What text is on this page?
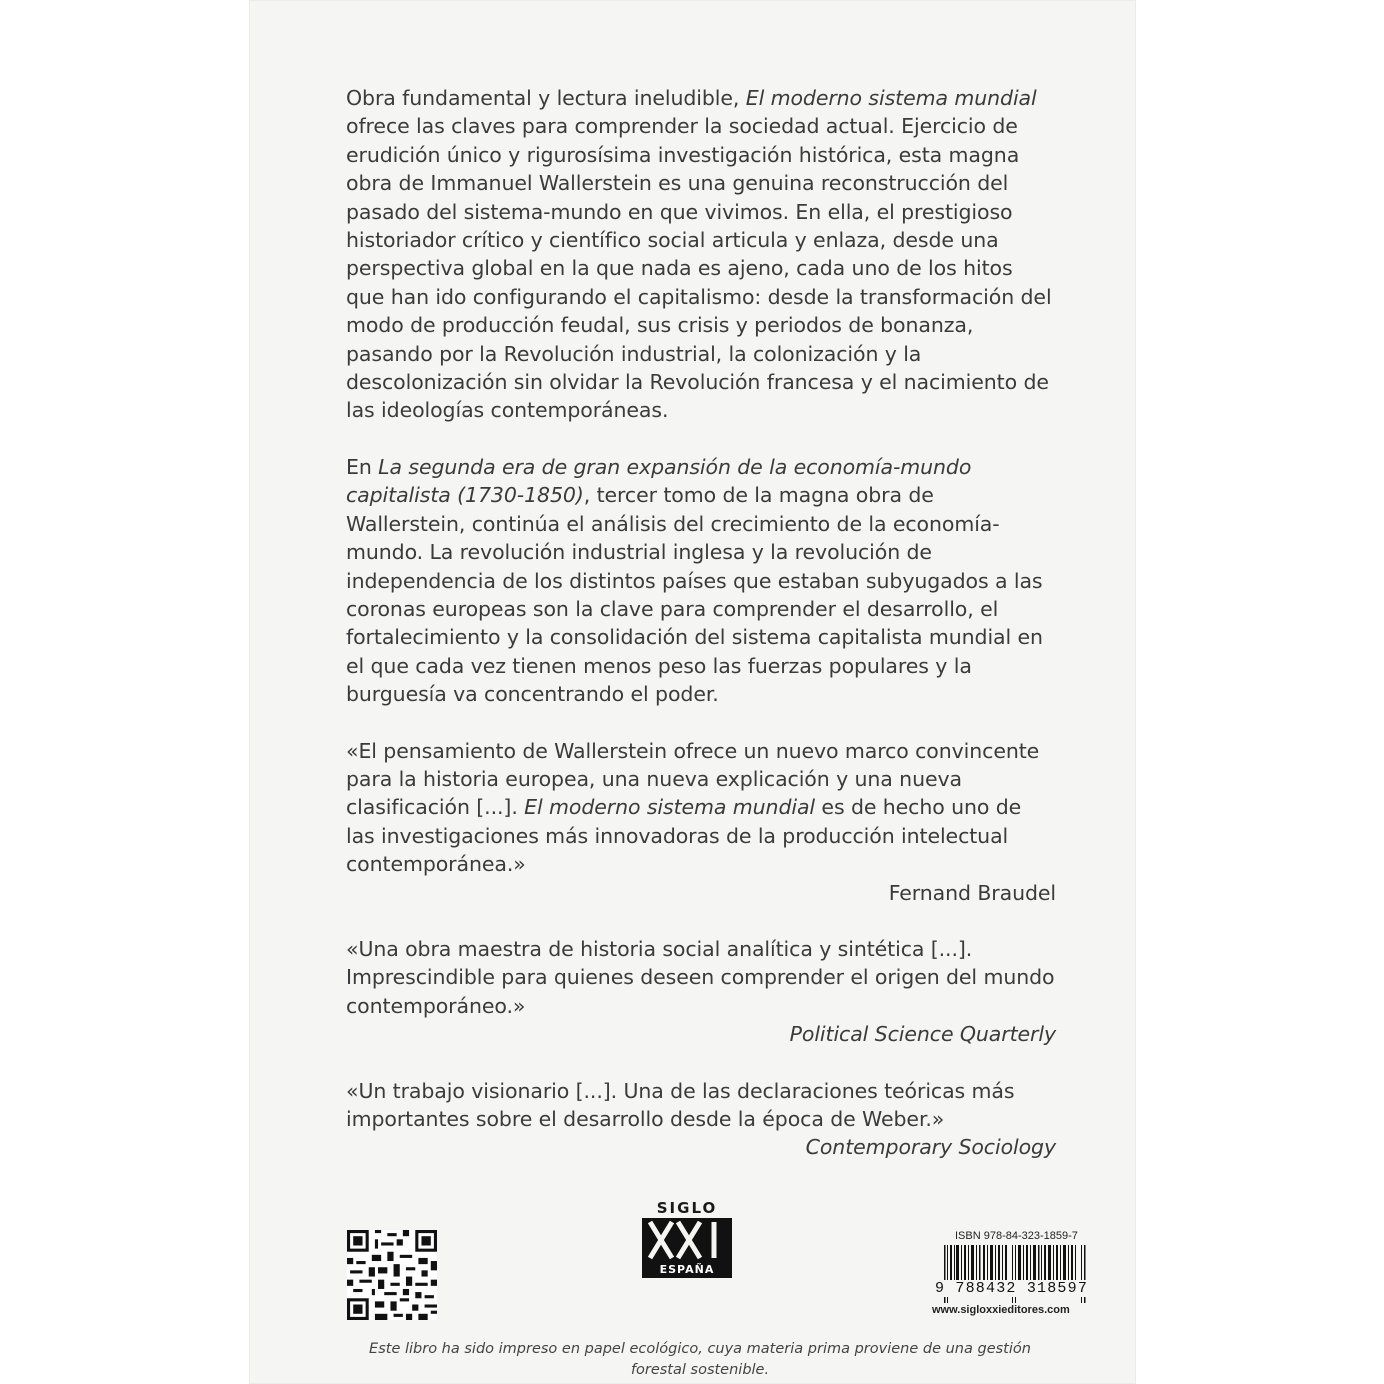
Obra fundamental y lectura ineludible, El moderno sistema mundial ofrece las claves para comprender la sociedad actual. Ejercicio de erudición único y rigurosísima investigación histórica, esta magna obra de Immanuel Wallerstein es una genuina reconstrucción del pasado del sistema-mundo en que vivimos. En ella, el prestigioso historiador crítico y científico social articula y enlaza, desde una perspectiva global en la que nada es ajeno, cada uno de los hitos que han ido configurando el capitalismo: desde la transformación del modo de producción feudal, sus crisis y periodos de bonanza, pasando por la Revolución industrial, la colonización y la descolonización sin olvidar la Revolución francesa y el nacimiento de las ideologías contemporáneas.

En La segunda era de gran expansión de la economía-mundo capitalista (1730-1850), tercer tomo de la magna obra de Wallerstein, continúa el análisis del crecimiento de la economía-mundo. La revolución industrial inglesa y la revolución de independencia de los distintos países que estaban subyugados a las coronas europeas son la clave para comprender el desarrollo, el fortalecimiento y la consolidación del sistema capitalista mundial en el que cada vez tienen menos peso las fuerzas populares y la burguesía va concentrando el poder.

«El pensamiento de Wallerstein ofrece un nuevo marco convincente para la historia europea, una nueva explicación y una nueva clasificación [...]. El moderno sistema mundial es de hecho uno de las investigaciones más innovadoras de la producción intelectual contemporánea.»

Fernand Braudel

«Una obra maestra de historia social analítica y sintética [...]. Imprescindible para quienes deseen comprender el origen del mundo contemporáneo.»

Political Science Quarterly

«Un trabajo visionario [...]. Una de las declaraciones teóricas más importantes sobre el desarrollo desde la época de Weber.»

Contemporary Sociology

SIGLO
ESPAÑA
ISBN 978-84-323-1859-7
9 788432 318597
www.sigloxxieditores.com
Este libro ha sido impreso en papel ecológico, cuya materia prima proviene de una gestión forestal sostenible.
